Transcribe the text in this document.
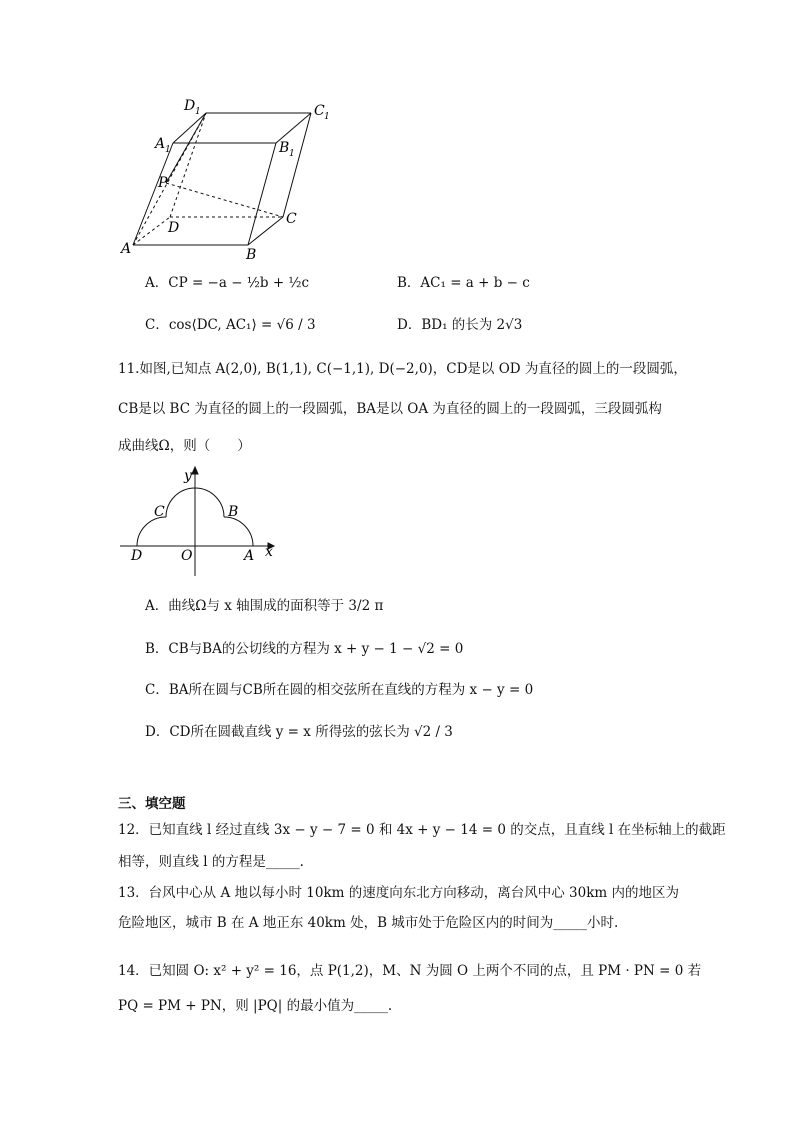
A	B
C
D
A 1	B 1
C 1
D 1
P
A．CP = −a − ½b + ½c	B．AC₁ = a + b − c
C．cos⟨DC, AC₁⟩ = √6 / 3	D．BD₁ 的长为 2√3
11.如图,已知点 A(2,0), B(1,1), C(−1,1), D(−2,0)，CD是以 OD 为直径的圆上的一段圆弧，
CB是以 BC 为直径的圆上的一段圆弧，BA是以 OA 为直径的圆上的一段圆弧，三段圆弧构
成曲线Ω，则（　　）
y
x
C	B
D	O	A
A．曲线Ω与 x 轴围成的面积等于 3/2 π
B．CB与BA的公切线的方程为 x + y − 1 − √2 = 0
C．BA所在圆与CB所在圆的相交弦所在直线的方程为 x − y = 0
D．CD所在圆截直线 y = x 所得弦的弦长为 √2 / 3
三、填空题
12．已知直线 l 经过直线 3x − y − 7 = 0 和 4x + y − 14 = 0 的交点，且直线 l 在坐标轴上的截距
相等，则直线 l 的方程是_____.
13．台风中心从 A 地以每小时 10km 的速度向东北方向移动，离台风中心 30km 内的地区为
危险地区，城市 B 在 A 地正东 40km 处，B 城市处于危险区内的时间为_____小时.
14．已知圆 O: x² + y² = 16，点 P(1,2)，M、N 为圆 O 上两个不同的点，且 PM · PN = 0 若
PQ = PM + PN，则 |PQ| 的最小值为_____.
